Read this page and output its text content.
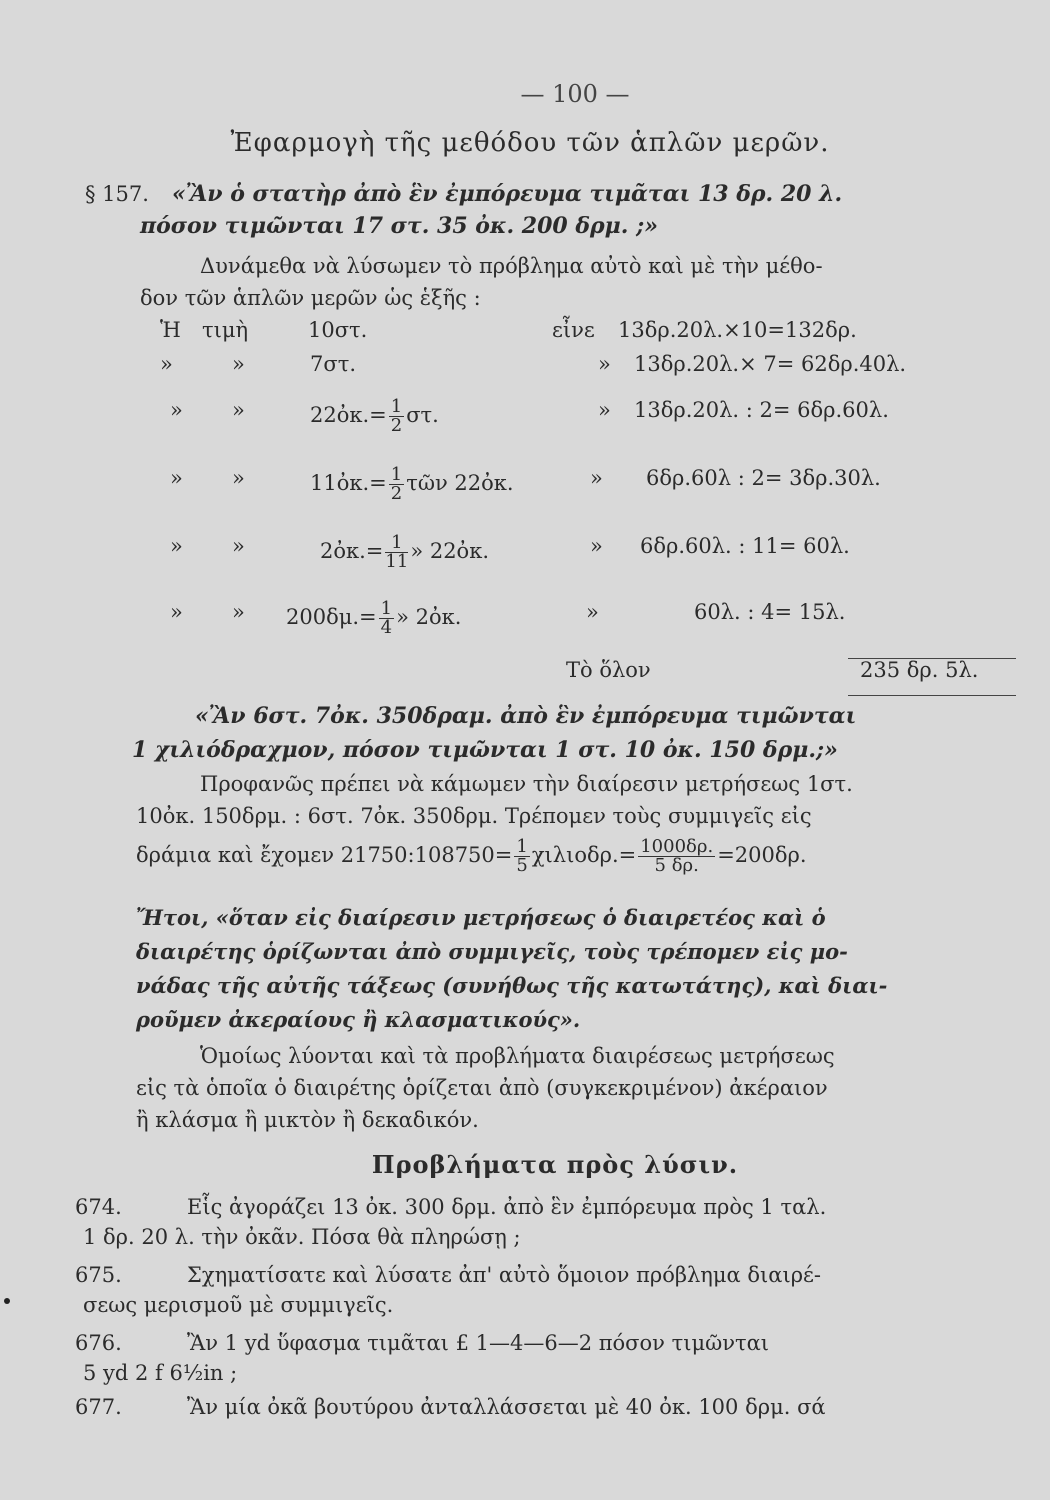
— 100 —
Ἐφαρμογὴ τῆς μεθόδου τῶν ἁπλῶν μερῶν.
§ 157. «Ἂν ὁ στατὴρ ἀπὸ ἓν ἐμπόρευμα τιμᾶται 13 δρ. 20 λ.
πόσον τιμῶνται 17 στ. 35 ὀκ. 200 δρμ. ;»
Δυνάμεθα νὰ λύσωμεν τὸ πρόβλημα αὐτὸ καὶ μὲ τὴν μέθο-
δον τῶν ἁπλῶν μερῶν ὡς ἑξῆς :
Ἡ τιμὴ	10στ.	εἶνε 13δρ.20λ.×10=132δρ.
»	»	7στ.	» 13δρ.20λ.× 7= 62δρ.40λ.
» »	22ὀκ.= $\frac{1}{2} \sigma\tau$.	» 13δρ.20λ. : 2= 6δρ.60λ.
» »	11ὀκ.= $\frac{1}{2}$ τῶν 22ὀκ.	» 6δρ.60λ : 2= 3δρ.30λ.
» »	2ὀκ.= $\frac{1}{11}$ » 22ὀκ.	» 6δρ.60λ. : 11= 60λ.
» » $200\delta\mu.= \frac{1}{4}$ » 2ὀκ.	»	60λ. : 4= 15λ.
Τὸ ὅλον	235 δρ. 5λ.
«Ἂν 6στ. 7ὀκ. 350δραμ. ἀπὸ ἓν ἐμπόρευμα τιμῶνται
1 χιλιόδραχμον, πόσον τιμῶνται 1 στ. 10 ὀκ. 150 δρμ.;»
Προφανῶς πρέπει νὰ κάμωμεν τὴν διαίρεσιν μετρήσεως 1στ.
10ὀκ. 150δρμ. : 6στ. 7ὀκ. 350δρμ. Τρέπομεν τοὺς συμμιγεῖς εἰς
δράμια καὶ ἔχομεν 21750:108750= $\frac{1}{5} \chi\iota\lambda\iota o\delta\rho.= \frac{1000\delta\rho.}{5 \delta\rho.} =200\delta\rho$.
Ἤτοι, «ὅταν εἰς διαίρεσιν μετρήσεως ὁ διαιρετέος καὶ ὁ
διαιρέτης ὁρίζωνται ἀπὸ συμμιγεῖς, τοὺς τρέπομεν εἰς μο-
νάδας τῆς αὐτῆς τάξεως (συνήθως τῆς κατωτάτης), καὶ διαι-
ροῦμεν ἀκεραίους ἢ κλασματικούς».
Ὁμοίως λύονται καὶ τὰ προβλήματα διαιρέσεως μετρήσεως
εἰς τὰ ὁποῖα ὁ διαιρέτης ὁρίζεται ἀπὸ (συγκεκριμένον) ἀκέραιον
ἢ κλάσμα ἢ μικτὸν ἢ δεκαδικόν.
Προβλήματα πρὸς λύσιν.
674.	Εἷς ἀγοράζει 13 ὀκ. 300 δρμ. ἀπὸ ἓν ἐμπόρευμα πρὸς 1 ταλ.
1 δρ. 20 λ. τὴν ὀκᾶν. Πόσα θὰ πληρώσῃ ;
675.	Σχηματίσατε καὶ λύσατε ἀπ' αὐτὸ ὅμοιον πρόβλημα διαιρέ-
σεως μερισμοῦ μὲ συμμιγεῖς.
676.	Ἂν 1 yd ὕφασμα τιμᾶται £ 1—4—6—2 πόσον τιμῶνται
5 yd 2 f 6½in ;
677.	Ἂν μία ὀκᾶ βουτύρου ἀνταλλάσσεται μὲ 40 ὀκ. 100 δρμ. σά
